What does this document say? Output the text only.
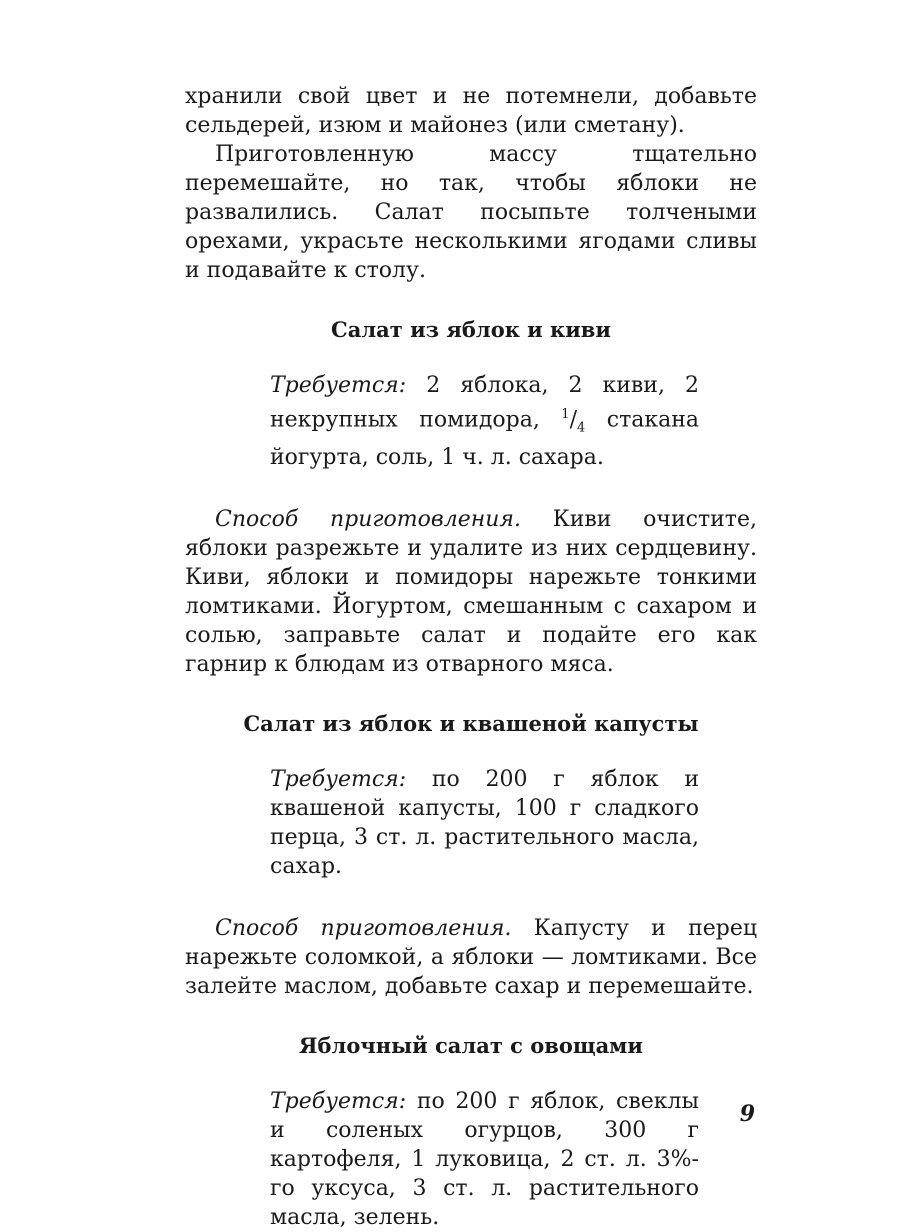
хранили свой цвет и не потемнели, добавьте сельдерей, изюм и майонез (или сметану).

Приготовленную массу тщательно перемешайте, но так, чтобы яблоки не развалились. Салат посыпьте толчеными орехами, украсьте несколькими ягодами сливы и подавайте к столу.

Салат из яблок и киви

Требуется: 2 яблока, 2 киви, 2 некрупных помидора, $^1/_4$ стакана йогурта, соль, 1 ч. л. сахара.

Способ приготовления. Киви очистите, яблоки разрежьте и удалите из них сердцевину. Киви, яблоки и помидоры нарежьте тонкими ломтиками. Йогуртом, смешанным с сахаром и солью, заправьте салат и подайте его как гарнир к блюдам из отварного мяса.

Салат из яблок и квашеной капусты

Требуется: по 200 г яблок и квашеной капусты, 100 г сладкого перца, 3 ст. л. растительного масла, сахар.

Способ приготовления. Капусту и перец нарежьте соломкой, а яблоки — ломтиками. Все залейте маслом, добавьте сахар и перемешайте.

Яблочный салат с овощами

Требуется: по 200 г яблок, свеклы и соленых огурцов, 300 г картофеля, 1 луковица, 2 ст. л. 3%-го уксуса, 3 ст. л. растительного масла, зелень.

9
